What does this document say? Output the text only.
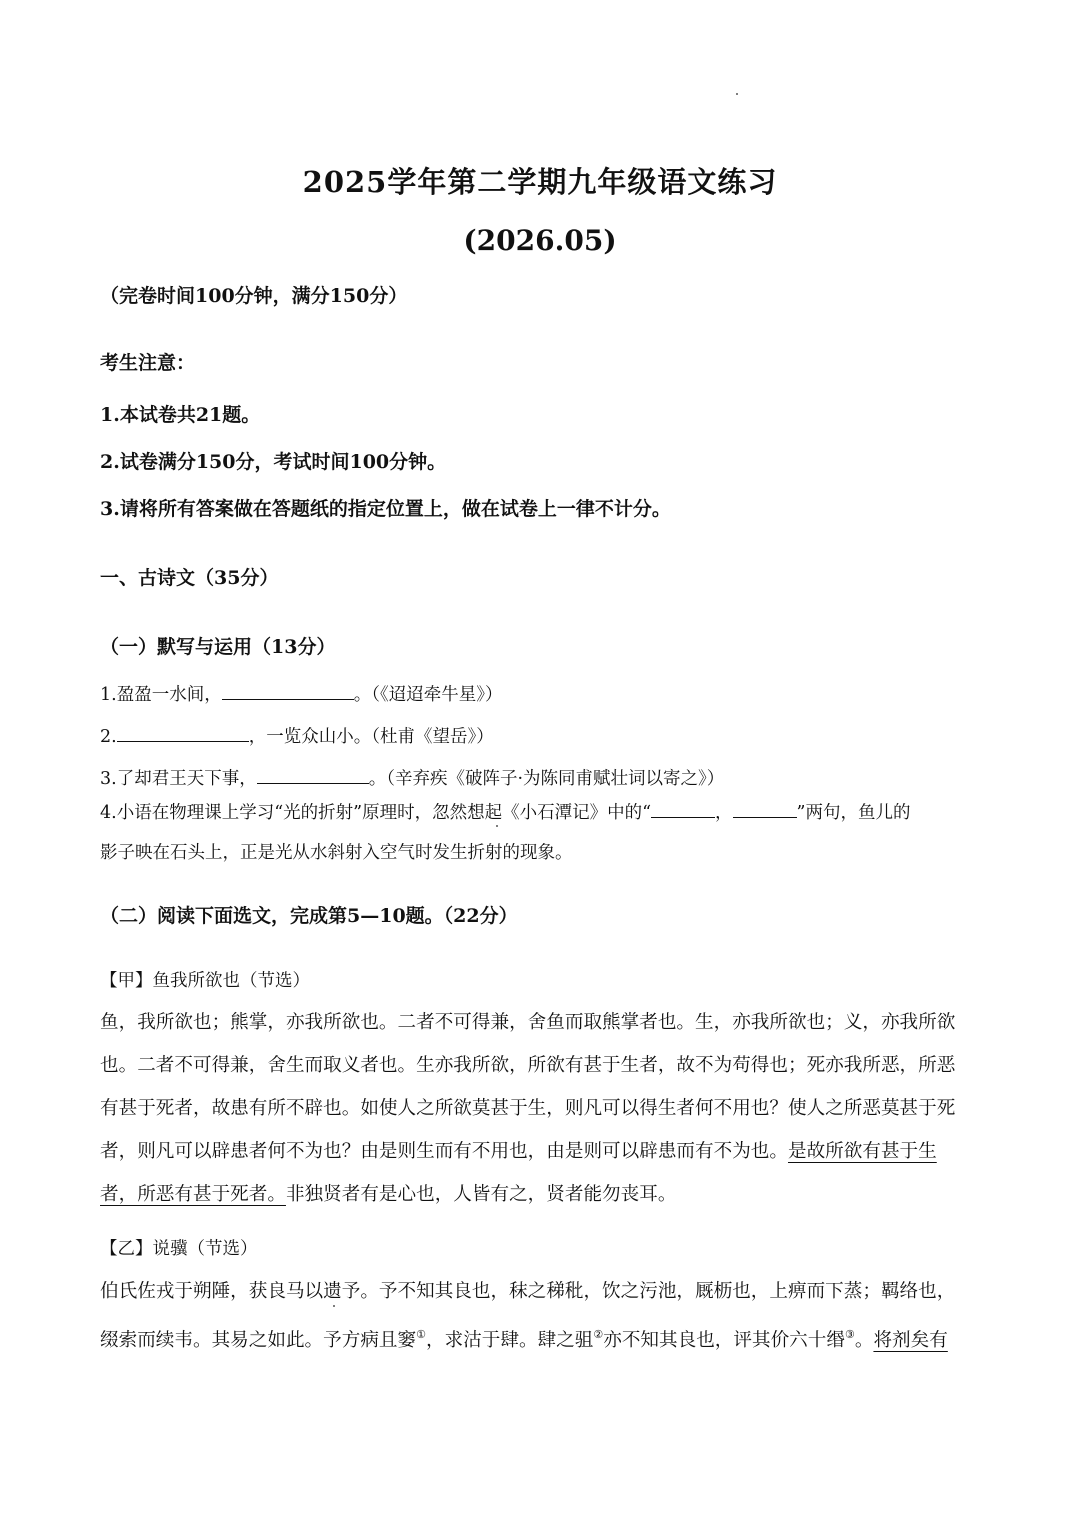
2025学年第二学期九年级语文练习
(2026.05)
（完卷时间100分钟，满分150分）
考生注意：
1.本试卷共21题。
2.试卷满分150分，考试时间100分钟。
3.请将所有答案做在答题纸的指定位置上，做在试卷上一律不计分。
一、古诗文（35分）
（一）默写与运用（13分）
1.盈盈一水间，	。（《迢迢牵牛星》）
2.	，一览众山小。（杜甫《望岳》）
3.了却君王天下事，	。（辛弃疾《破阵子·为陈同甫赋壮词以寄之》）
4.小语在物理课上学习“光的折射”原理时，忽然想起《小石潭记》中的“	，	”两句，鱼儿的
影子映在石头上，正是光从水斜射入空气时发生折射的现象。
（二）阅读下面选文，完成第5—10题。（22分）
【甲】鱼我所欲也（节选）
鱼，我所欲也；熊掌，亦我所欲也。二者不可得兼，舍鱼而取熊掌者也。生，亦我所欲也；义，亦我所欲
也。二者不可得兼，舍生而取义者也。生亦我所欲，所欲有甚于生者，故不为苟得也；死亦我所恶，所恶
有甚于死者，故患有所不辟也。如使人之所欲莫甚于生，则凡可以得生者何不用也？使人之所恶莫甚于死
者，则凡可以辟患者何不为也？由是则生而有不用也，由是则可以辟患而有不为也。是故所欲有甚于生
者，所恶有甚于死者。非独贤者有是心也，人皆有之，贤者能勿丧耳。
【乙】说骥（节选）
伯氏佐戎于朔陲，获良马以遗予。予不知其良也，秣之稊秕，饮之污池，厩枥也，上痹而下蒸；羁络也，
缀索而续韦。其易之如此。予方病且窭①，求沽于肆。肆之驵②亦不知其良也，评其价六十缗③。将剂矣有
